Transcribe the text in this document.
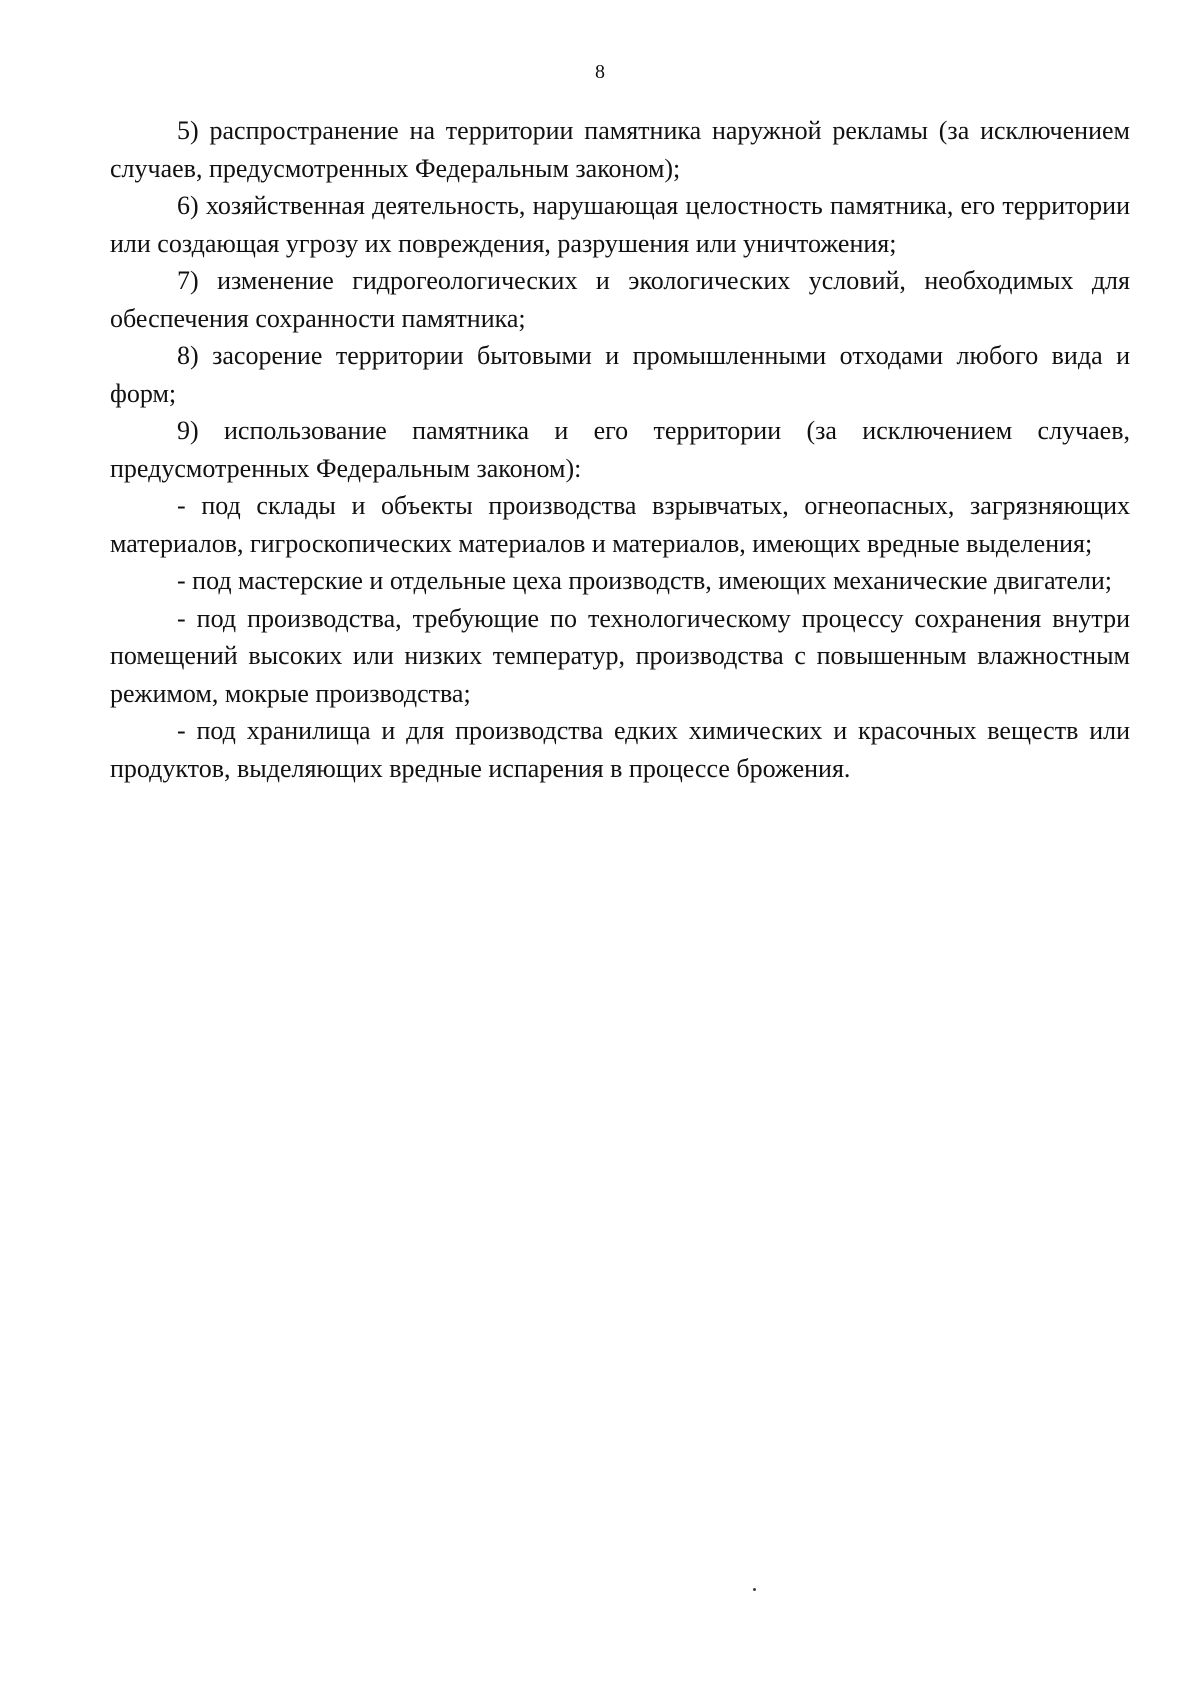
8

5) распространение на территории памятника наружной рекламы (за исключением случаев, предусмотренных Федеральным законом);

6) хозяйственная деятельность, нарушающая целостность памятника, его территории или создающая угрозу их повреждения, разрушения или уничтожения;

7) изменение гидрогеологических и экологических условий, необходимых для обеспечения сохранности памятника;

8) засорение территории бытовыми и промышленными отходами любого вида и форм;

9) использование памятника и его территории (за исключением случаев, предусмотренных Федеральным законом):

- под склады и объекты производства взрывчатых, огнеопасных, загрязняющих материалов, гигроскопических материалов и материалов, имеющих вредные выделения;

- под мастерские и отдельные цеха производств, имеющих механические двигатели;

- под производства, требующие по технологическому процессу сохранения внутри помещений высоких или низких температур, производства с повышенным влажностным режимом, мокрые производства;

- под хранилища и для производства едких химических и красочных веществ или продуктов, выделяющих вредные испарения в процессе брожения.
